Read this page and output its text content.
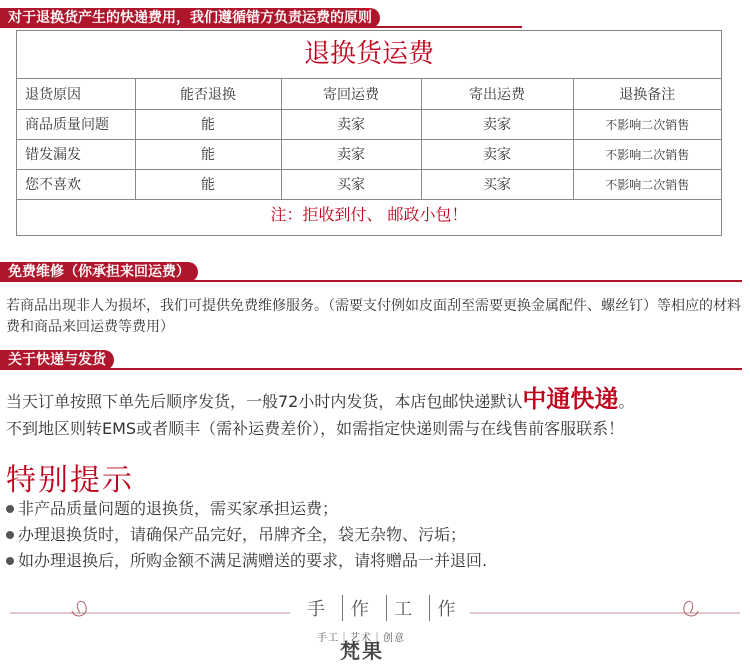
对于退换货产生的快递费用，我们遵循错方负责运费的原则
退换货运费
退货原因	能否退换	寄回运费	寄出运费	退换备注
商品质量问题	能	卖家	卖家	不影响二次销售
错发漏发	能	卖家	卖家	不影响二次销售
您不喜欢	能	买家	买家	不影响二次销售
注：拒收到付、 邮政小包！
免费维修（你承担来回运费）
若商品出现非人为损坏，我们可提供免费维修服务。（需要支付例如皮面刮至需要更换金属配件、螺丝钉）等相应的材料费和商品来回运费等费用）
关于快递与发货
当天订单按照下单先后顺序发货，一般72小时内发货，本店包邮快递默认中通快递。
不到地区则转EMS或者顺丰（需补运费差价），如需指定快递则需与在线售前客服联系！
特别提示
非产品质量问题的退换货，需买家承担运费；
办理退换货时，请确保产品完好，吊牌齐全，袋无杂物、污垢；
如办理退换后，所购金额不满足满赠送的要求，请将赠品一并退回.
手	作	工	作
手工｜艺术｜创意
梵果
